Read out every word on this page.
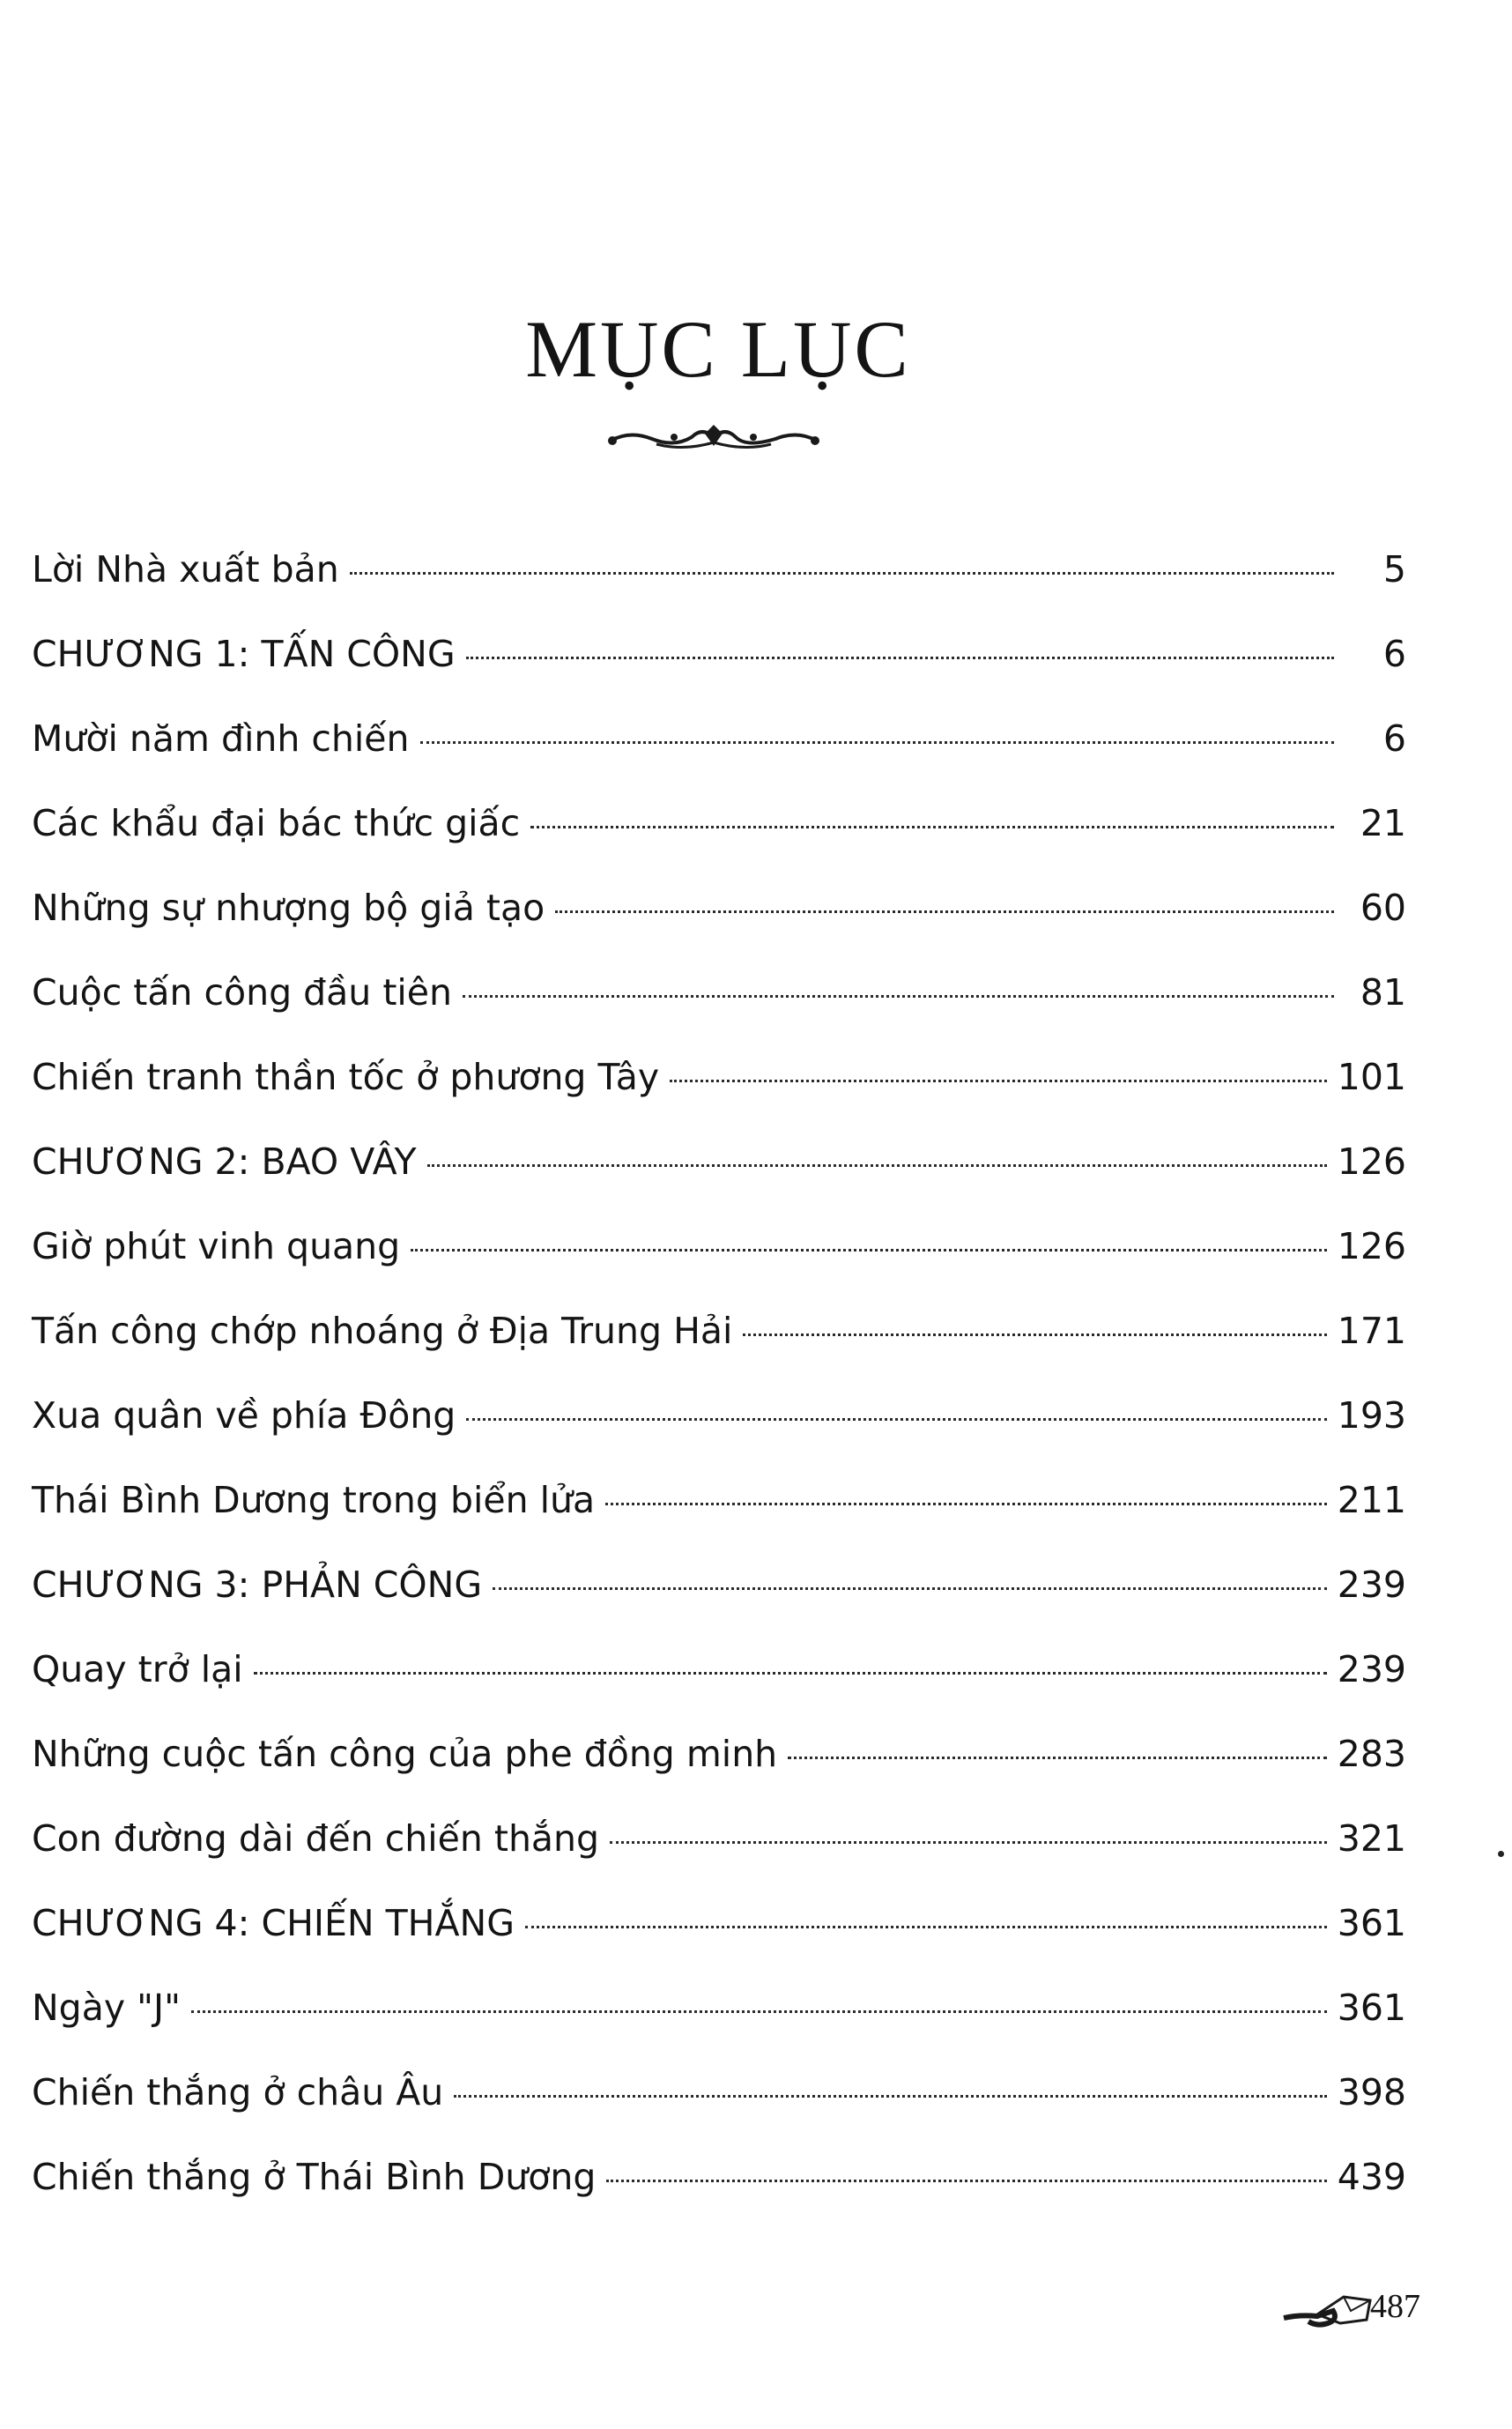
MỤC LỤC
Lời Nhà xuất bản	5
CHƯƠNG 1: TẤN CÔNG	6
Mười năm đình chiến	6
Các khẩu đại bác thức giấc	21
Những sự nhượng bộ giả tạo	60
Cuộc tấn công đầu tiên	81
Chiến tranh thần tốc ở phương Tây	101
CHƯƠNG 2: BAO VÂY	126
Giờ phút vinh quang	126
Tấn công chớp nhoáng ở Địa Trung Hải	171
Xua quân về phía Đông	193
Thái Bình Dương trong biển lửa	211
CHƯƠNG 3: PHẢN CÔNG	239
Quay trở lại	239
Những cuộc tấn công của phe đồng minh	283
Con đường dài đến chiến thắng	321
CHƯƠNG 4: CHIẾN THẮNG	361
Ngày "J"	361
Chiến thắng ở châu Âu	398
Chiến thắng ở Thái Bình Dương	439
487
